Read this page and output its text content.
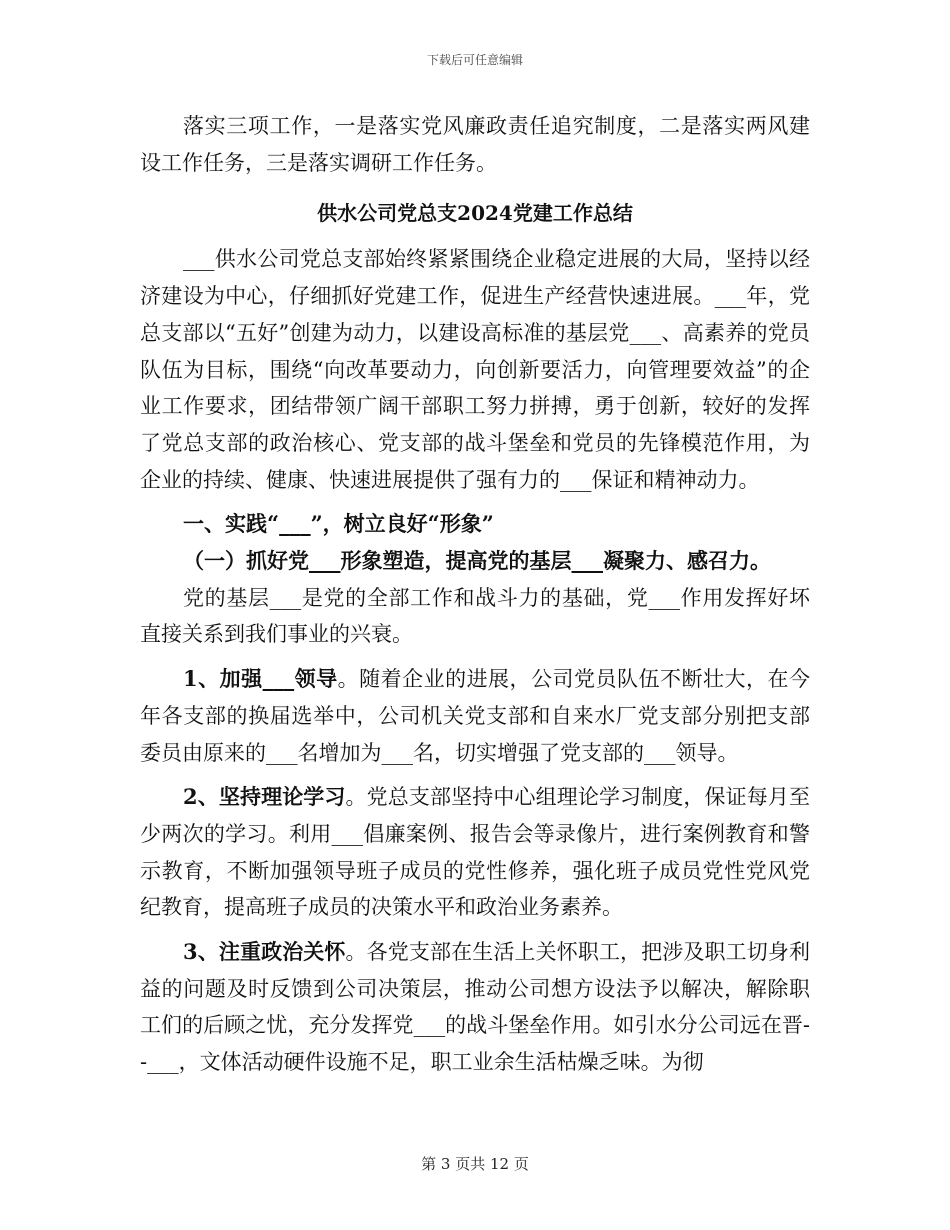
下载后可任意编辑

落实三项工作，一是落实党风廉政责任追究制度，二是落实两风建设工作任务，三是落实调研工作任务。

供水公司党总支2024党建工作总结

___供水公司党总支部始终紧紧围绕企业稳定进展的大局，坚持以经济建设为中心，仔细抓好党建工作，促进生产经营快速进展。___年，党总支部以“五好”创建为动力，以建设高标准的基层党___、高素养的党员队伍为目标，围绕“向改革要动力，向创新要活力，向管理要效益”的企业工作要求，团结带领广阔干部职工努力拼搏，勇于创新，较好的发挥了党总支部的政治核心、党支部的战斗堡垒和党员的先锋模范作用，为企业的持续、健康、快速进展提供了强有力的___保证和精神动力。

一、实践“___”，树立良好“形象”

（一）抓好党___形象塑造，提高党的基层___凝聚力、感召力。

党的基层___是党的全部工作和战斗力的基础，党___作用发挥好坏直接关系到我们事业的兴衰。

1、加强___领导。随着企业的进展，公司党员队伍不断壮大，在今年各支部的换届选举中，公司机关党支部和自来水厂党支部分别把支部委员由原来的___名增加为___名，切实增强了党支部的___领导。

2、坚持理论学习。党总支部坚持中心组理论学习制度，保证每月至少两次的学习。利用___倡廉案例、报告会等录像片，进行案例教育和警示教育，不断加强领导班子成员的党性修养，强化班子成员党性党风党纪教育，提高班子成员的决策水平和政治业务素养。

3、注重政治关怀。各党支部在生活上关怀职工，把涉及职工切身利益的问题及时反馈到公司决策层，推动公司想方设法予以解决，解除职工们的后顾之忧，充分发挥党___的战斗堡垒作用。如引水分公司远在晋--___，文体活动硬件设施不足，职工业余生活枯燥乏味。为彻

第 3 页共 12 页
